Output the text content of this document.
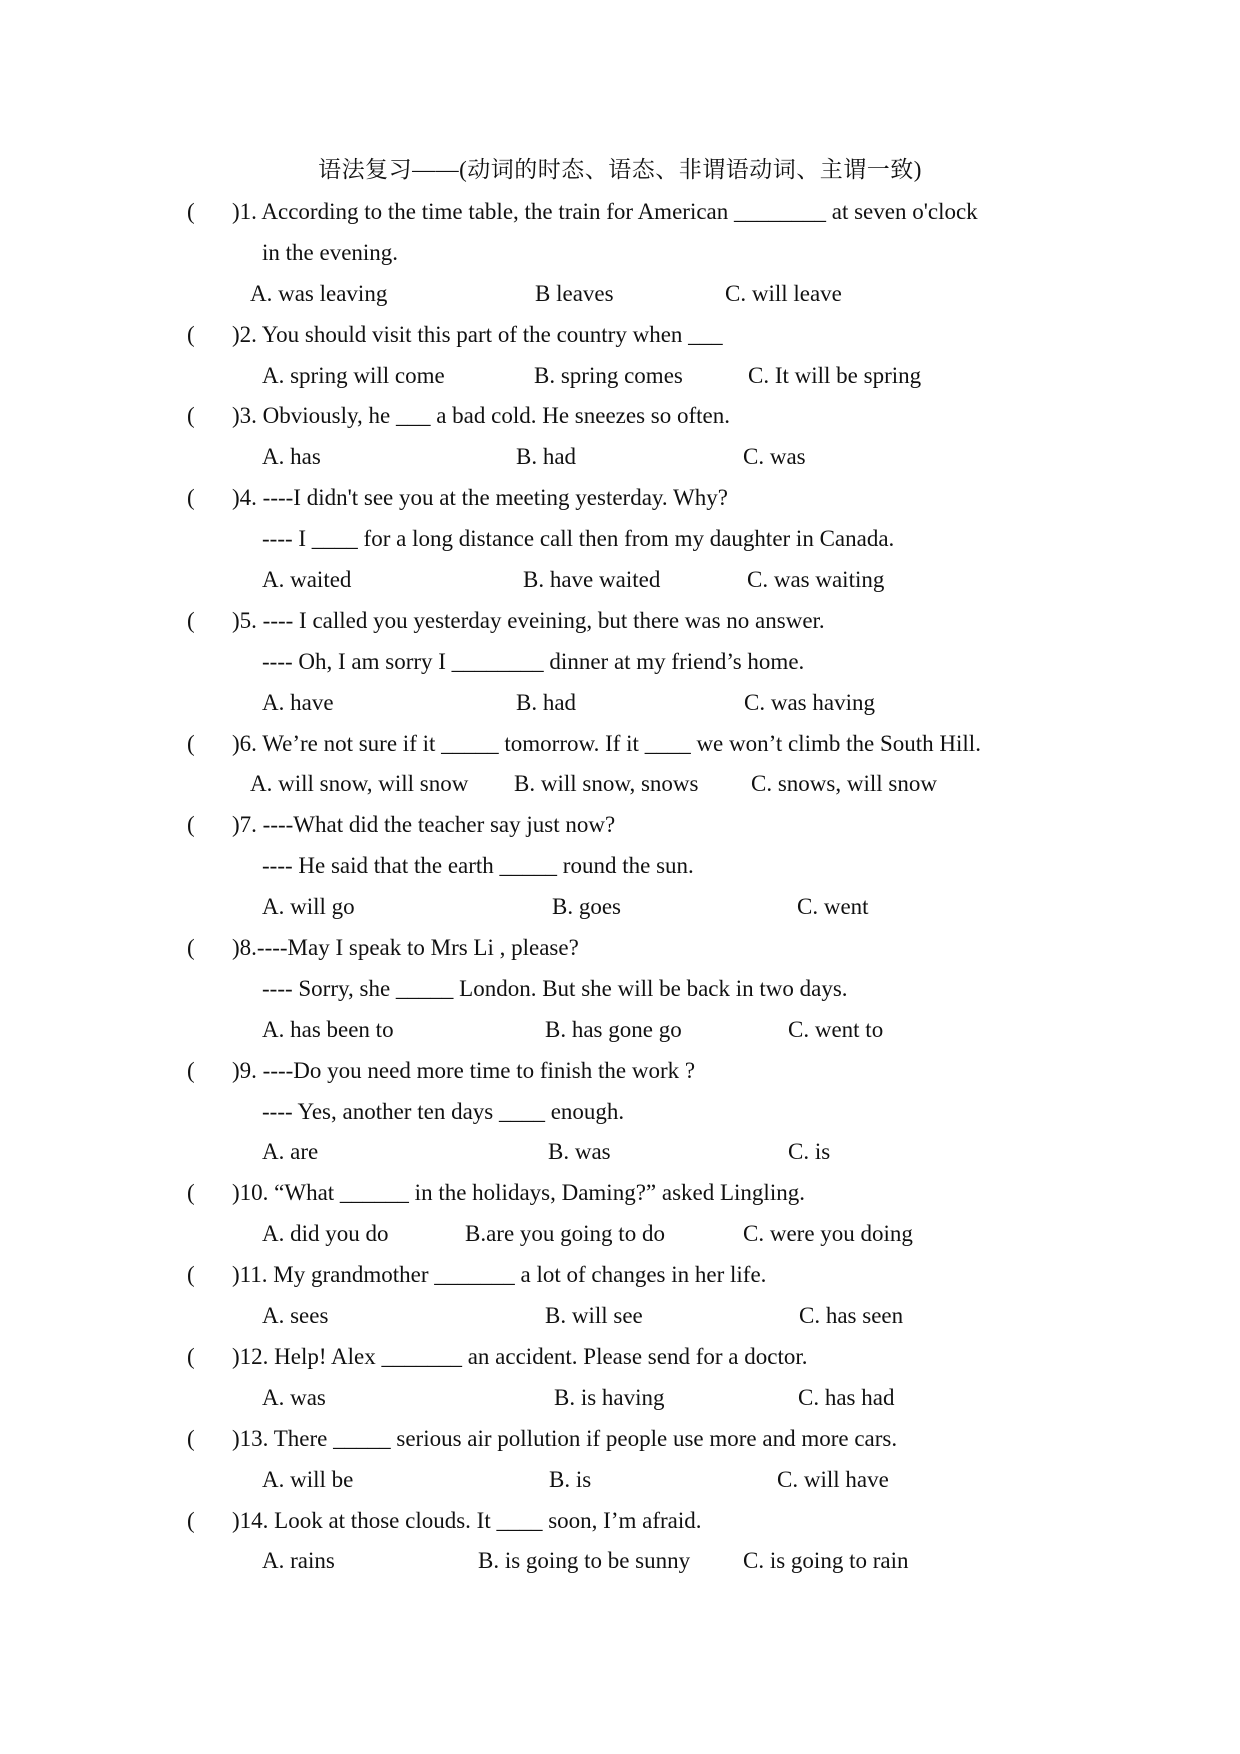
语法复习——(动词的时态、语态、非谓语动词、主谓一致)
( )1. According to the time table, the train for American ________ at seven o'clock
in the evening.
A. was leaving	B leaves	C. will leave
( )2. You should visit this part of the country when ___
A. spring will come	B. spring comes	C. It will be spring
( )3. Obviously, he ___ a bad cold. He sneezes so often.
A. has	B. had	C. was
( )4. ----I didn't see you at the meeting yesterday. Why?
---- I ____ for a long distance call then from my daughter in Canada.
A. waited	B. have waited	C. was waiting
( )5. ---- I called you yesterday eveining, but there was no answer.
---- Oh, I am sorry I ________ dinner at my friend’s home.
A. have	B. had	C. was having
( )6. We’re not sure if it _____ tomorrow. If it ____ we won’t climb the South Hill.
A. will snow, will snow B. will snow, snows C. snows, will snow
( )7. ----What did the teacher say just now?
---- He said that the earth _____ round the sun.
A. will go	B. goes	C. went
( )8.----May I speak to Mrs Li , please?
---- Sorry, she _____ London. But she will be back in two days.
A. has been to	B. has gone go	C. went to
( )9. ----Do you need more time to finish the work ?
---- Yes, another ten days ____ enough.
A. are	B. was	C. is
( )10. “What ______ in the holidays, Daming?” asked Lingling.
A. did you do	B.are you going to do	C. were you doing
( )11. My grandmother _______ a lot of changes in her life.
A. sees	B. will see	C. has seen
( )12. Help! Alex _______ an accident. Please send for a doctor.
A. was	B. is having	C. has had
( )13. There _____ serious air pollution if people use more and more cars.
A. will be	B. is	C. will have
( )14. Look at those clouds. It ____ soon, I’m afraid.
A. rains	B. is going to be sunny C. is going to rain
